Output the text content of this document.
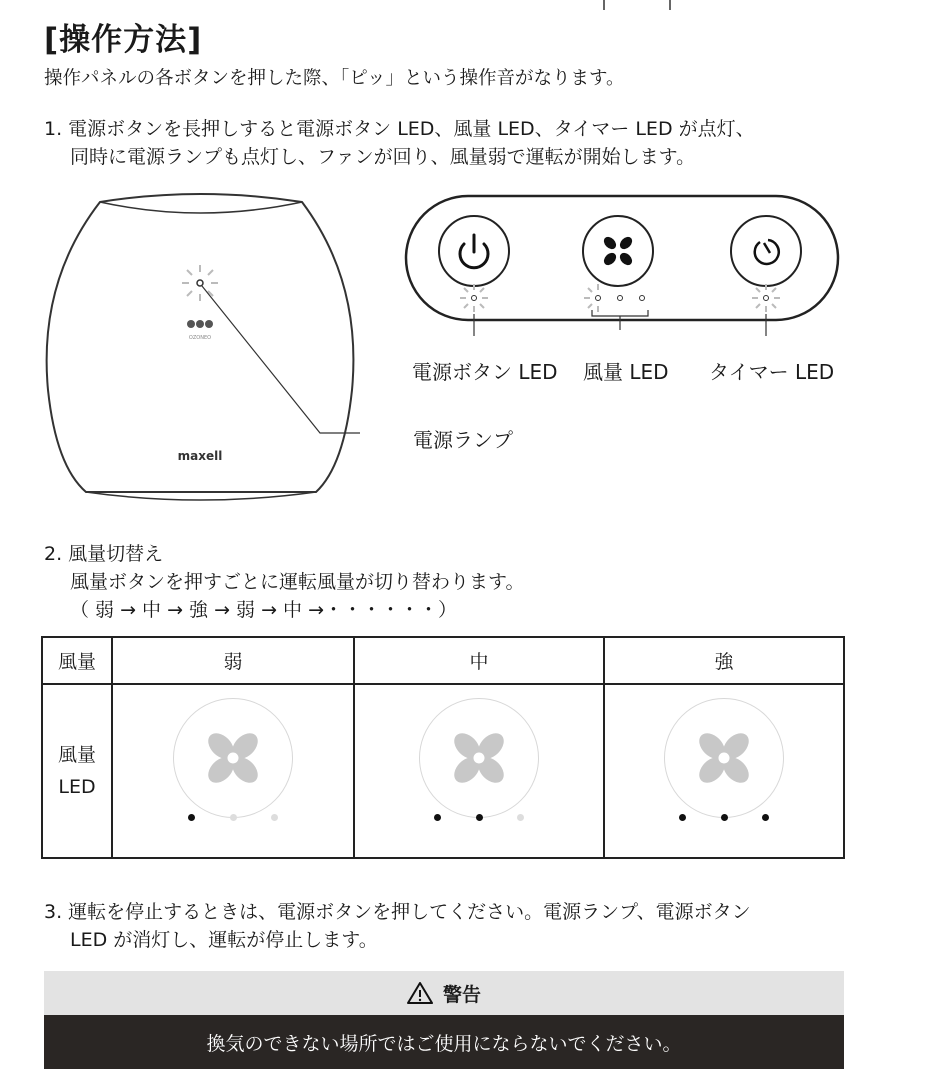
[操作方法]
操作パネルの各ボタンを押した際、「ピッ」という操作音がなります。
1. 電源ボタンを長押しすると電源ボタン LED、風量 LED、タイマー LED が点灯、
同時に電源ランプも点灯し、ファンが回り、風量弱で運転が開始します。
OZONEO
maxell
電源ランプ
電源ボタン LED 風量 LED タイマー LED
2. 風量切替え
風量ボタンを押すごとに運転風量が切り替わります。
（ 弱 → 中 → 強 → 弱 → 中 →・・・・・・）
風量	弱	中	強

風量
LED

3. 運転を停止するときは、電源ボタンを押してください。電源ランプ、電源ボタン
LED が消灯し、運転が停止します。
警告
換気のできない場所ではご使用にならないでください。
